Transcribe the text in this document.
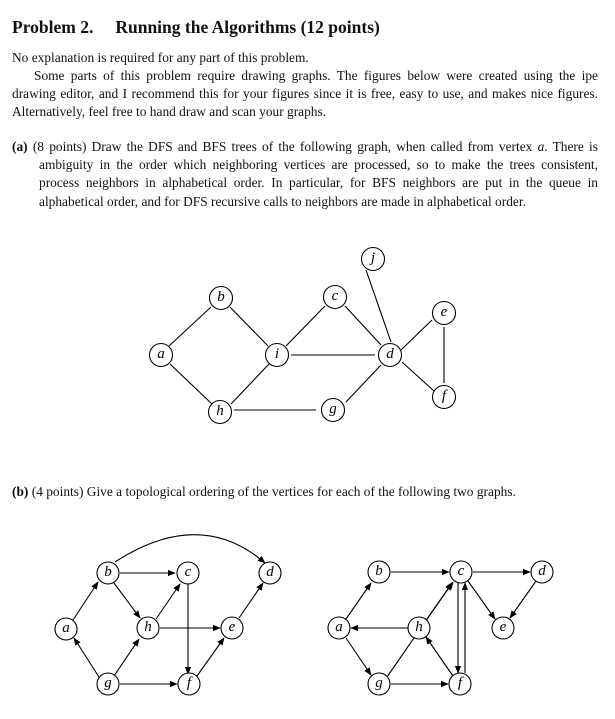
Problem 2. Running the Algorithms (12 points)
No explanation is required for any part of this problem.
Some parts of this problem require drawing graphs. The figures below were created using the ipe drawing editor, and I recommend this for your figures since it is free, easy to use, and makes nice figures. Alternatively, feel free to hand draw and scan your graphs.
(a) (8 points) Draw the DFS and BFS trees of the following graph, when called from vertex a. There is ambiguity in the order which neighboring vertices are processed, so to make the trees consistent, process neighbors in alphabetical order. In particular, for BFS neighbors are put in the queue in alphabetical order, and for DFS recursive calls to neighbors are made in alphabetical order.
(b) (4 points) Give a topological ordering of the vertices for each of the following two graphs.
a
b	c
d
e
f
g
h
i
j
a
b	c	d
h	e
g	f
a
b	c	d
h	e
g	f
